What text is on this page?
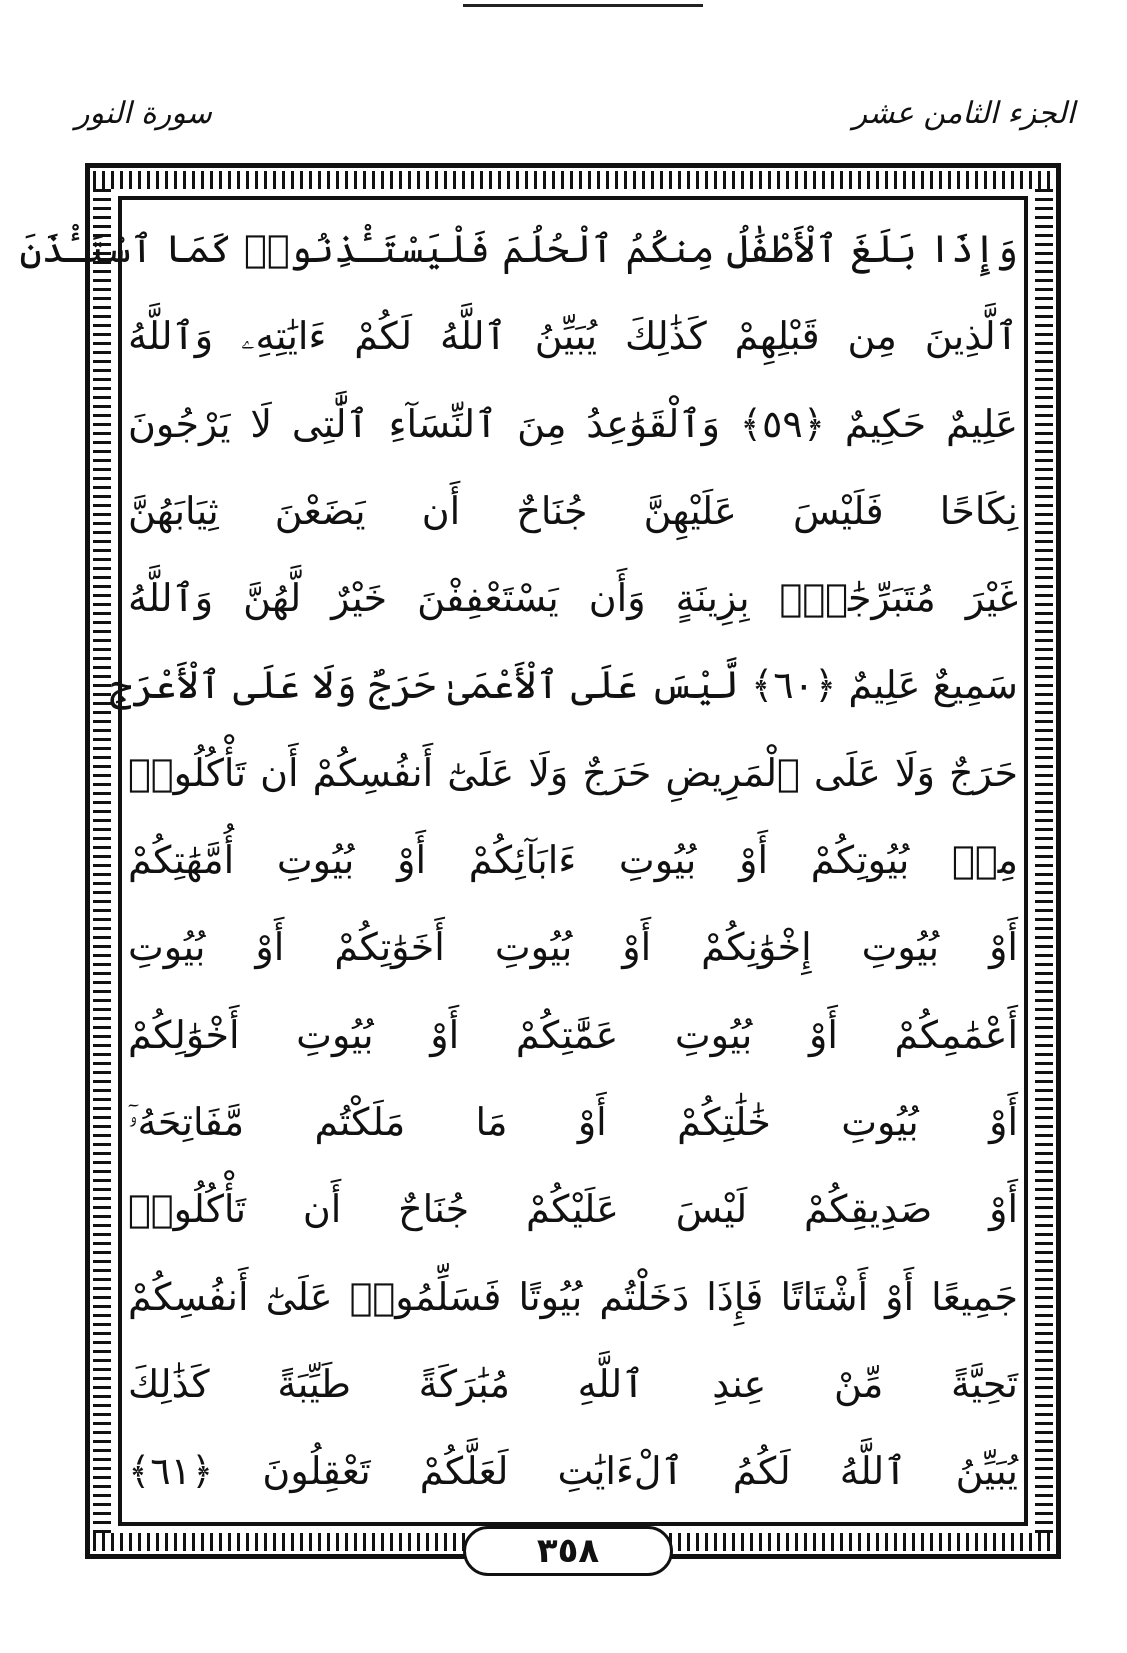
الجزء الثامن عشر
سورة النور
وَإِذَا بَلَغَ ٱلْأَطْفَٰلُ مِنكُمُ ٱلْحُلُمَ فَلْيَسْتَـْٔذِنُوا۟ كَمَا ٱسْتَـْٔذَنَ
ٱلَّذِينَ مِن قَبْلِهِمْ كَذَٰلِكَ يُبَيِّنُ ٱللَّهُ لَكُمْ ءَايَٰتِهِۦ وَٱللَّهُ
عَلِيمٌ حَكِيمٌ ﴿٥٩﴾ وَٱلْقَوَٰعِدُ مِنَ ٱلنِّسَآءِ ٱلَّٰتِى لَا يَرْجُونَ
نِكَاحًا فَلَيْسَ عَلَيْهِنَّ جُنَاحٌ أَن يَضَعْنَ ثِيَابَهُنَّ
غَيْرَ مُتَبَرِّجَٰتٍۭ بِزِينَةٍ وَأَن يَسْتَعْفِفْنَ خَيْرٌ لَّهُنَّ وَٱللَّهُ
سَمِيعٌ عَلِيمٌ ﴿٦٠﴾ لَّيْسَ عَلَى ٱلْأَعْمَىٰ حَرَجٌ وَلَا عَلَى ٱلْأَعْرَجِ
حَرَجٌ وَلَا عَلَى ٱلْمَرِيضِ حَرَجٌ وَلَا عَلَىٰٓ أَنفُسِكُمْ أَن تَأْكُلُوا۟
مِنۢ بُيُوتِكُمْ أَوْ بُيُوتِ ءَابَآئِكُمْ أَوْ بُيُوتِ أُمَّهَٰتِكُمْ
أَوْ بُيُوتِ إِخْوَٰنِكُمْ أَوْ بُيُوتِ أَخَوَٰتِكُمْ أَوْ بُيُوتِ
أَعْمَٰمِكُمْ أَوْ بُيُوتِ عَمَّٰتِكُمْ أَوْ بُيُوتِ أَخْوَٰلِكُمْ
أَوْ بُيُوتِ خَٰلَٰتِكُمْ أَوْ مَا مَلَكْتُم مَّفَاتِحَهُۥٓ
أَوْ صَدِيقِكُمْ لَيْسَ عَلَيْكُمْ جُنَاحٌ أَن تَأْكُلُوا۟
جَمِيعًا أَوْ أَشْتَاتًا فَإِذَا دَخَلْتُم بُيُوتًا فَسَلِّمُوا۟ عَلَىٰٓ أَنفُسِكُمْ
تَحِيَّةً مِّنْ عِندِ ٱللَّهِ مُبَٰرَكَةً طَيِّبَةً كَذَٰلِكَ
يُبَيِّنُ ٱللَّهُ لَكُمُ ٱلْءَايَٰتِ لَعَلَّكُمْ تَعْقِلُونَ ﴿٦١﴾
٣٥٨
